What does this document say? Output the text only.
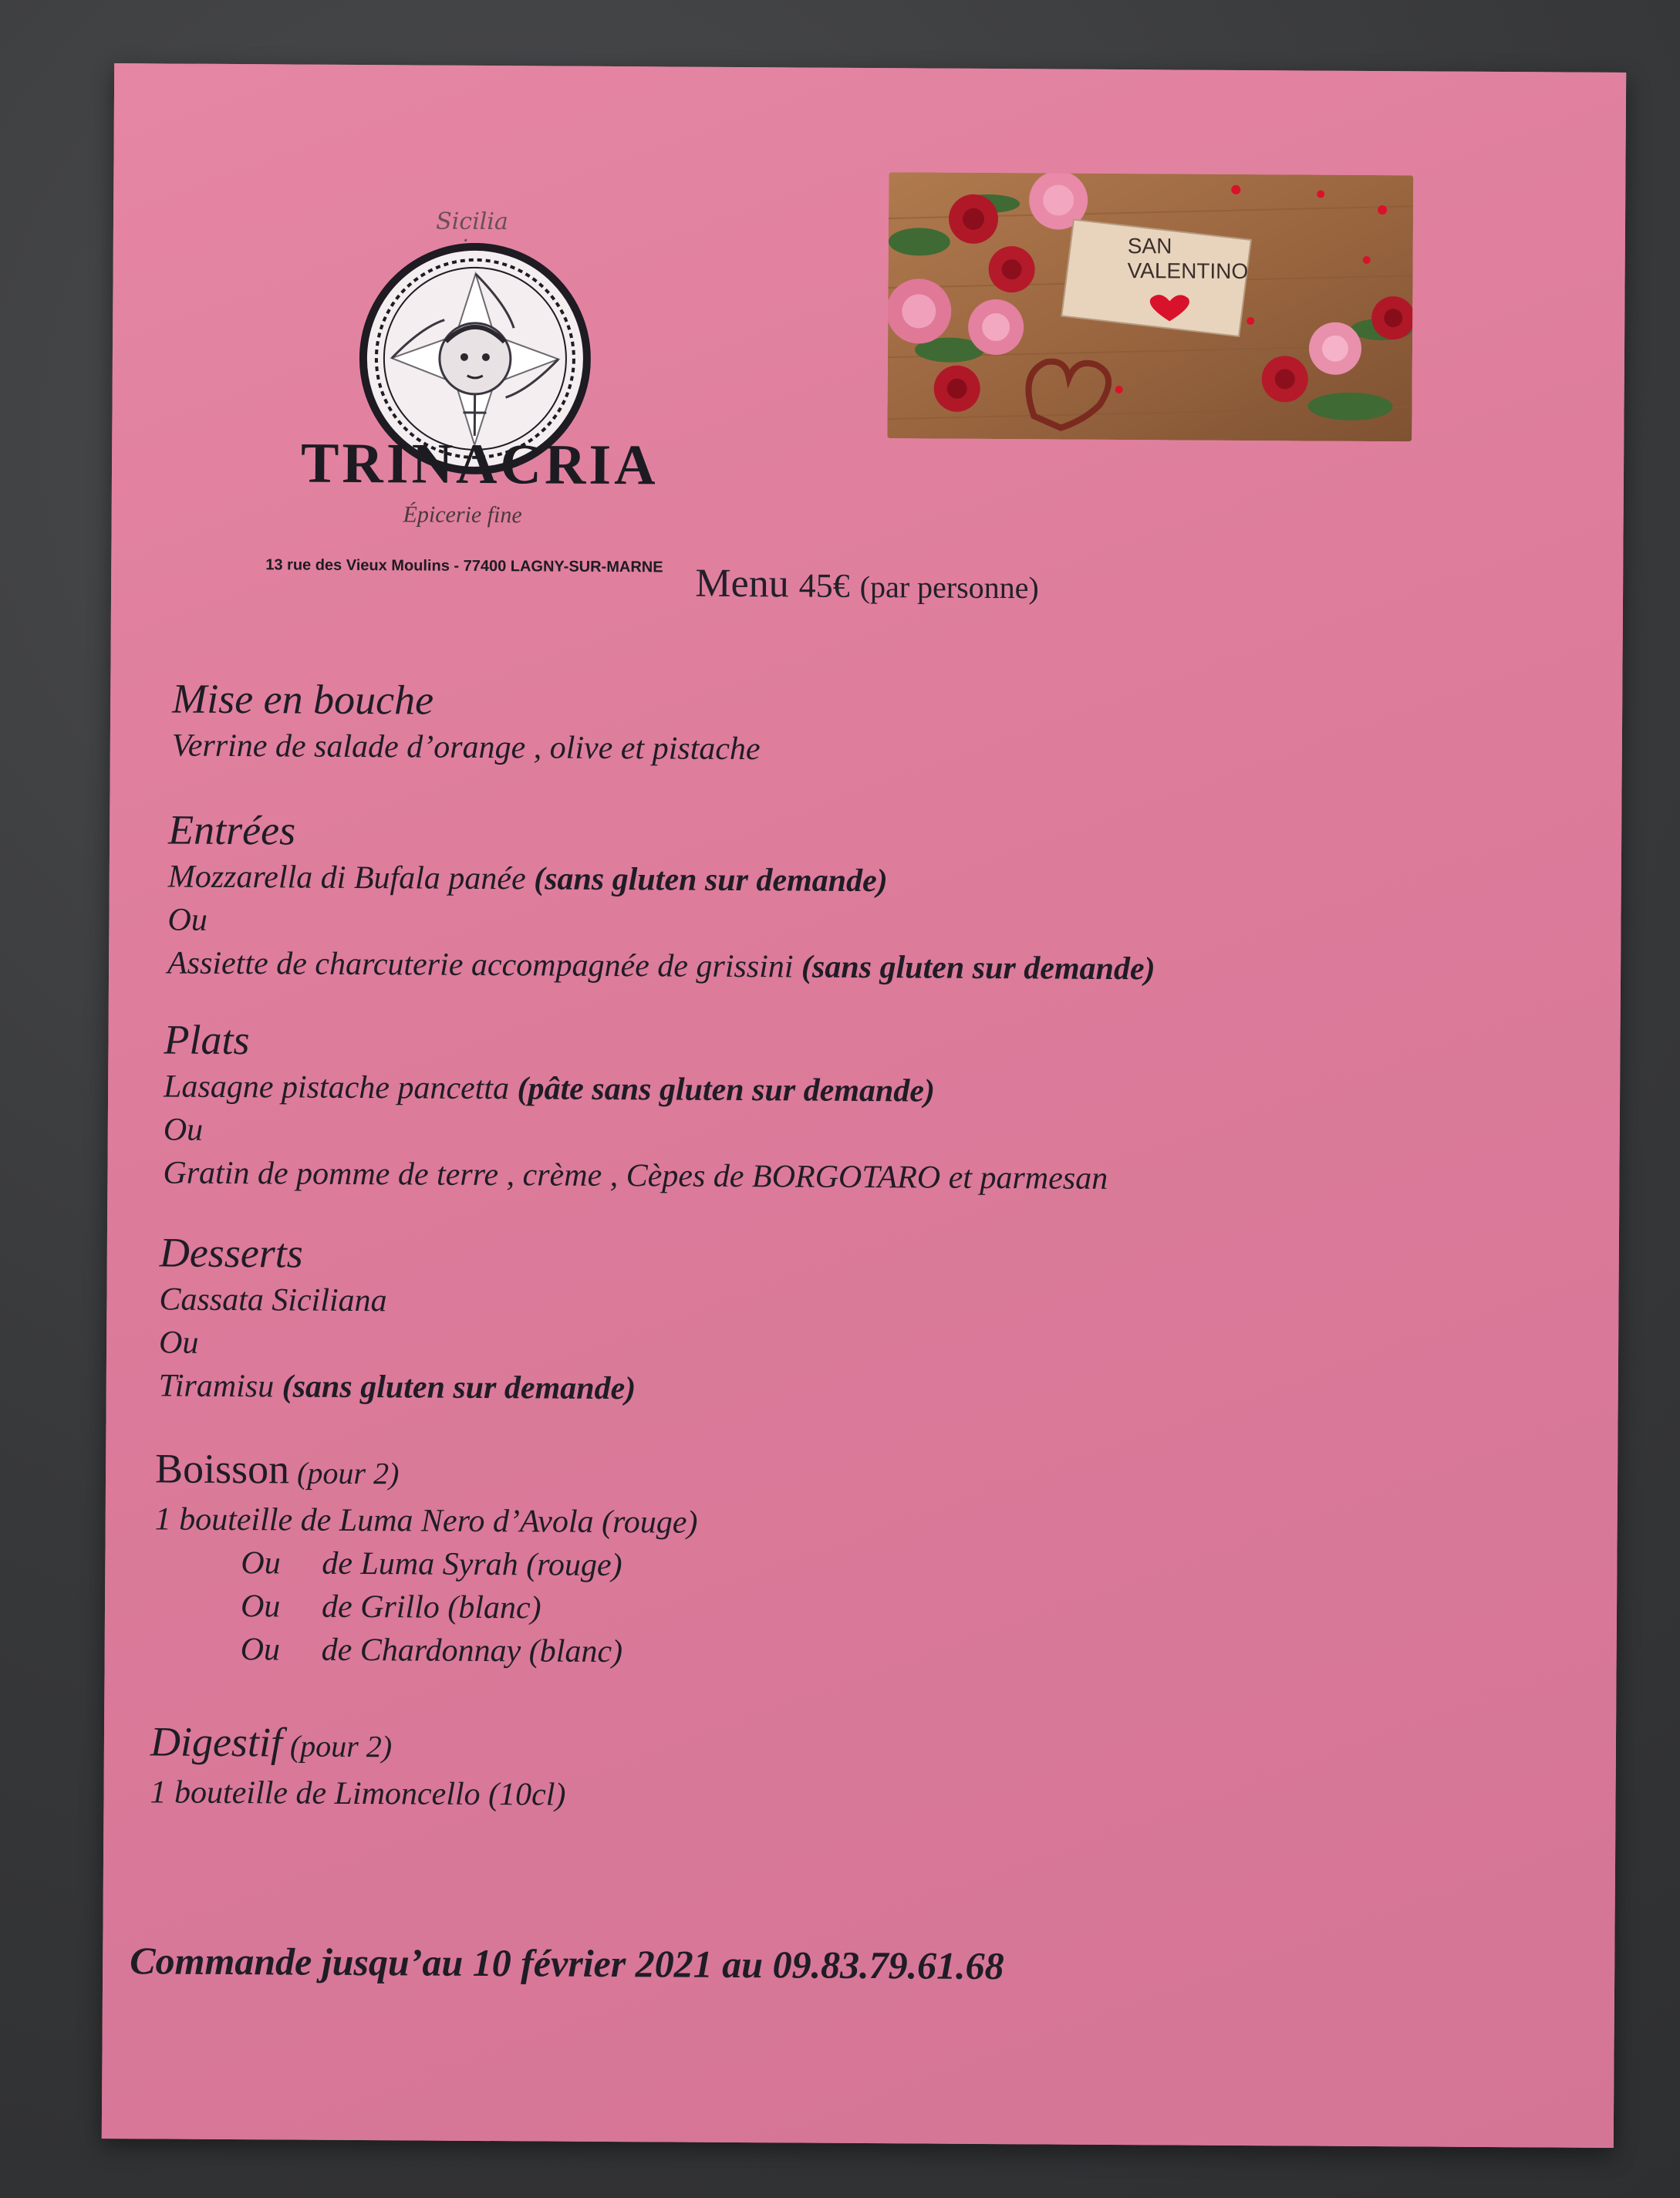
Sicilia
TRINACRIA
Épicerie fine
13 rue des Vieux Moulins - 77400 LAGNY-SUR-MARNE
SAN
VALENTINO
Menu 45€ (par personne)
Mise en bouche
Verrine de salade d’orange , olive et pistache
Entrées
Mozzarella di Bufala panée (sans gluten sur demande)
Ou
Assiette de charcuterie accompagnée de grissini (sans gluten sur demande)
Plats
Lasagne pistache pancetta (pâte sans gluten sur demande)
Ou
Gratin de pomme de terre , crème , Cèpes de BORGOTARO et parmesan
Desserts
Cassata Siciliana
Ou
Tiramisu (sans gluten sur demande)
Boisson (pour 2)
1 bouteille de Luma Nero d’Avola (rouge)
Ou de Luma Syrah (rouge)
Ou de Grillo (blanc)
Ou de Chardonnay (blanc)
Digestif (pour 2)
1 bouteille de Limoncello (10cl)
Commande jusqu’au 10 février 2021 au 09.83.79.61.68
